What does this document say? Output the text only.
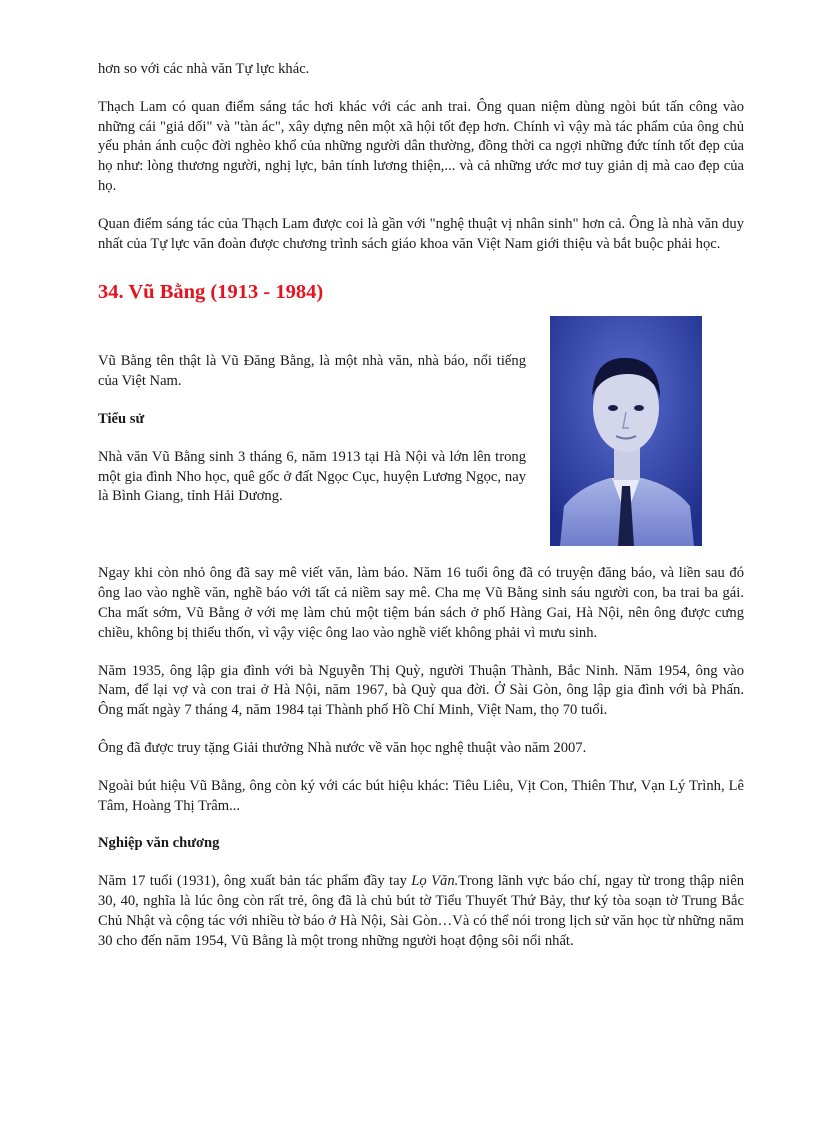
hơn so với các nhà văn Tự lực khác.

Thạch Lam có quan điểm sáng tác hơi khác với các anh trai. Ông quan niệm dùng ngòi bút tấn công vào những cái "giả dối" và "tàn ác", xây dựng nên một xã hội tốt đẹp hơn. Chính vì vậy mà tác phẩm của ông chủ yếu phản ánh cuộc đời nghèo khổ của những người dân thường, đồng thời ca ngợi những đức tính tốt đẹp của họ như: lòng thương người, nghị lực, bản tính lương thiện,... và cả những ước mơ tuy giản dị mà cao đẹp của họ.

Quan điểm sáng tác của Thạch Lam được coi là gần với "nghệ thuật vị nhân sinh" hơn cả. Ông là nhà văn duy nhất của Tự lực văn đoàn được chương trình sách giáo khoa văn Việt Nam giới thiệu và bắt buộc phải học.

34. Vũ Bằng (1913 - 1984)

Vũ Bằng tên thật là Vũ Đăng Bằng, là một nhà văn, nhà báo, nổi tiếng của Việt Nam.

Tiểu sử

Nhà văn Vũ Bằng sinh 3 tháng 6, năm 1913 tại Hà Nội và lớn lên trong một gia đình Nho học, quê gốc ở đất Ngọc Cục, huyện Lương Ngọc, nay là Bình Giang, tỉnh Hải Dương.

Ngay khi còn nhỏ ông đã say mê viết văn, làm báo. Năm 16 tuổi ông đã có truyện đăng báo, và liền sau đó ông lao vào nghề văn, nghề báo với tất cả niềm say mê. Cha mẹ Vũ Bằng sinh sáu người con, ba trai ba gái. Cha mất sớm, Vũ Bằng ở với mẹ làm chủ một tiệm bán sách ở phố Hàng Gai, Hà Nội, nên ông được cưng chiều, không bị thiếu thốn, vì vậy việc ông lao vào nghề viết không phải vì mưu sinh.

Năm 1935, ông lập gia đình với bà Nguyễn Thị Quỳ, người Thuận Thành, Bắc Ninh. Năm 1954, ông vào Nam, để lại vợ và con trai ở Hà Nội, năm 1967, bà Quỳ qua đời. Ở Sài Gòn, ông lập gia đình với bà Phấn. Ông mất ngày 7 tháng 4, năm 1984 tại Thành phố Hồ Chí Minh, Việt Nam, thọ 70 tuổi.

Ông đã được truy tặng Giải thưởng Nhà nước về văn học nghệ thuật vào năm 2007.

Ngoài bút hiệu Vũ Bằng, ông còn ký với các bút hiệu khác: Tiêu Liêu, Vịt Con, Thiên Thư, Vạn Lý Trình, Lê Tâm, Hoàng Thị Trâm...

Nghiệp văn chương

Năm 17 tuổi (1931), ông xuất bản tác phẩm đầy tay Lọ Văn.Trong lãnh vực báo chí, ngay từ trong thập niên 30, 40, nghĩa là lúc ông còn rất trẻ, ông đã là chủ bút tờ Tiểu Thuyết Thứ Bảy, thư ký tòa soạn tờ Trung Bắc Chủ Nhật và cộng tác với nhiều tờ báo ở Hà Nội, Sài Gòn…Và có thể nói trong lịch sử văn học từ những năm 30 cho đến năm 1954, Vũ Bằng là một trong những người hoạt động sôi nổi nhất.
